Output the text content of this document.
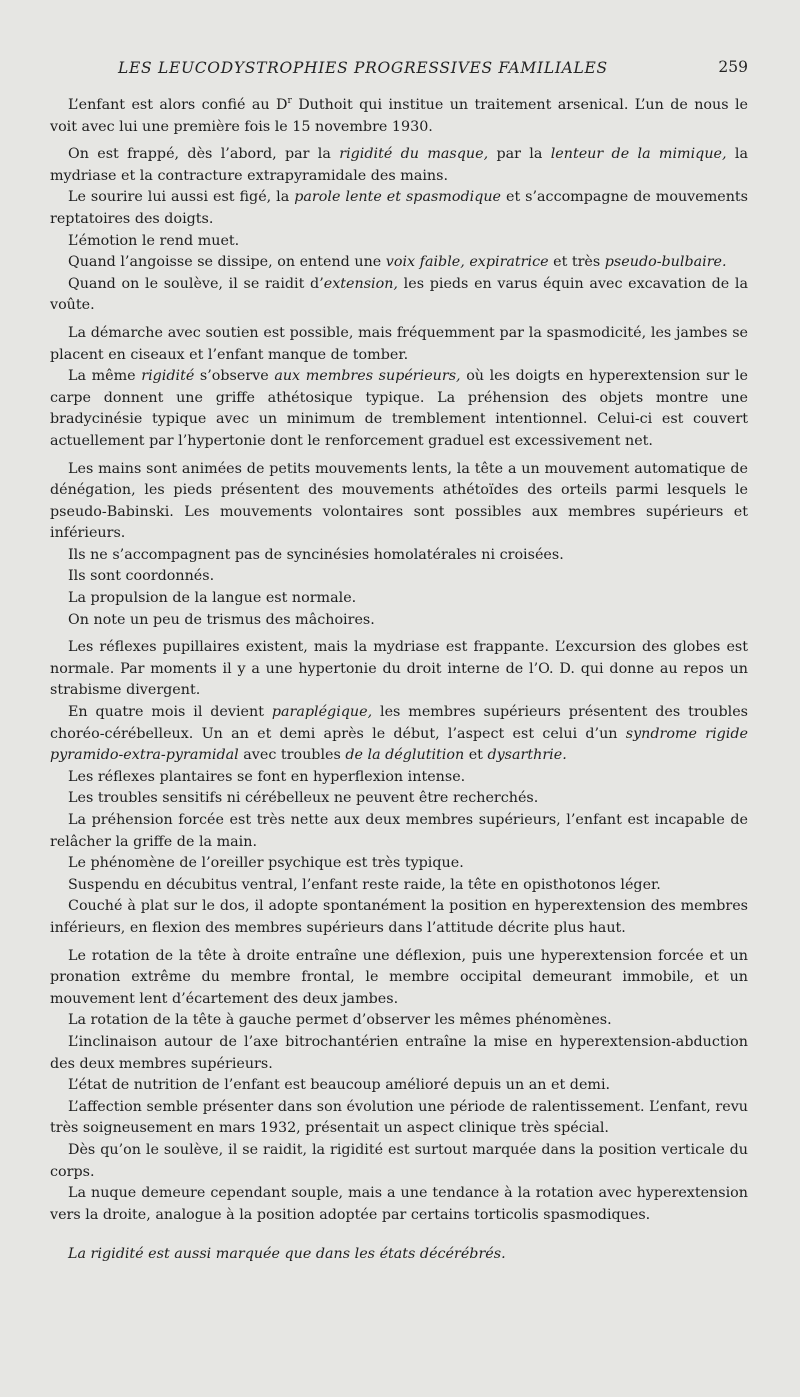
LES LEUCODYSTROPHIES PROGRESSIVES FAMILIALES	259

L’enfant est alors confié au $D^r$ Duthoit qui institue un traitement arsenical. L’un de nous le voit avec lui une première fois le 15 novembre 1930.

On est frappé, dès l’abord, par la rigidité du masque, par la lenteur de la mimique, la mydriase et la contracture extrapyramidale des mains.

Le sourire lui aussi est figé, la parole lente et spasmodique et s’accompagne de mouvements reptatoires des doigts.

L’émotion le rend muet.

Quand l’angoisse se dissipe, on entend une voix faible, expiratrice et très pseudo-bulbaire.

Quand on le soulève, il se raidit d’extension, les pieds en varus équin avec excavation de la voûte.

La démarche avec soutien est possible, mais fréquemment par la spasmodicité, les jambes se placent en ciseaux et l’enfant manque de tomber.

La même rigidité s’observe aux membres supérieurs, où les doigts en hyperextension sur le carpe donnent une griffe athétosique typique. La préhension des objets montre une bradycinésie typique avec un minimum de tremblement intentionnel. Celui-ci est couvert actuellement par l’hypertonie dont le renforcement graduel est excessivement net.

Les mains sont animées de petits mouvements lents, la tête a un mouvement automatique de dénégation, les pieds présentent des mouvements athétoïdes des orteils parmi lesquels le pseudo-Babinski. Les mouvements volontaires sont possibles aux membres supérieurs et inférieurs.

Ils ne s’accompagnent pas de syncinésies homolatérales ni croisées.

Ils sont coordonnés.

La propulsion de la langue est normale.

On note un peu de trismus des mâchoires.

Les réflexes pupillaires existent, mais la mydriase est frappante. L’excursion des globes est normale. Par moments il y a une hypertonie du droit interne de l’O. D. qui donne au repos un strabisme divergent.

En quatre mois il devient paraplégique, les membres supérieurs présentent des troubles choréo-cérébelleux. Un an et demi après le début, l’aspect est celui d’un syndrome rigide pyramido-extra-pyramidal avec troubles de la déglutition et dysarthrie.

Les réflexes plantaires se font en hyperflexion intense.

Les troubles sensitifs ni cérébelleux ne peuvent être recherchés.

La préhension forcée est très nette aux deux membres supérieurs, l’enfant est incapable de relâcher la griffe de la main.

Le phénomène de l’oreiller psychique est très typique.

Suspendu en décubitus ventral, l’enfant reste raide, la tête en opisthotonos léger.

Couché à plat sur le dos, il adopte spontanément la position en hyperextension des membres inférieurs, en flexion des membres supérieurs dans l’attitude décrite plus haut.

Le rotation de la tête à droite entraîne une déflexion, puis une hyperextension forcée et un pronation extrême du membre frontal, le membre occipital demeurant immobile, et un mouvement lent d’écartement des deux jambes.

La rotation de la tête à gauche permet d’observer les mêmes phénomènes.

L’inclinaison autour de l’axe bitrochantérien entraîne la mise en hyperextension-abduction des deux membres supérieurs.

L’état de nutrition de l’enfant est beaucoup amélioré depuis un an et demi.

L’affection semble présenter dans son évolution une période de ralentissement. L’enfant, revu très soigneusement en mars 1932, présentait un aspect clinique très spécial.

Dès qu’on le soulève, il se raidit, la rigidité est surtout marquée dans la position verticale du corps.

La nuque demeure cependant souple, mais a une tendance à la rotation avec hyperextension vers la droite, analogue à la position adoptée par certains torticolis spasmodiques.

La rigidité est aussi marquée que dans les états décérébrés.
